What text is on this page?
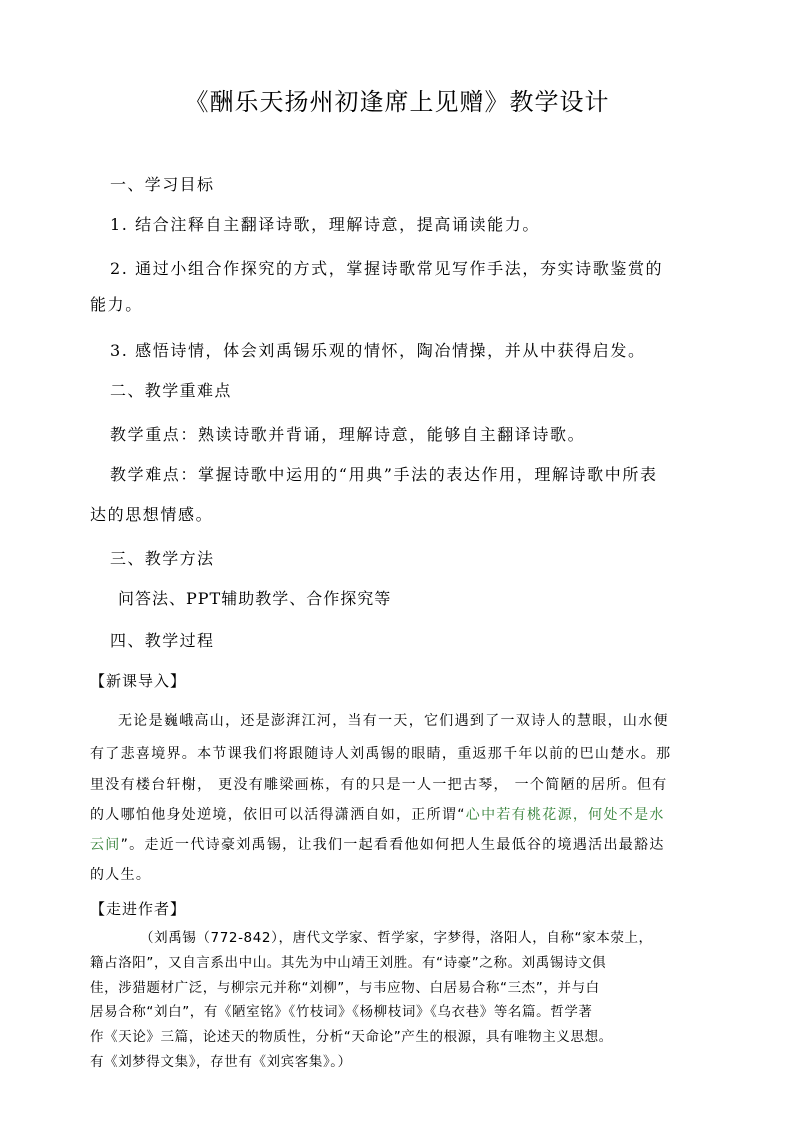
《酬乐天扬州初逢席上见赠》教学设计
一、学习目标
1. 结合注释自主翻译诗歌，理解诗意，提高诵读能力。
2. 通过小组合作探究的方式，掌握诗歌常见写作手法，夯实诗歌鉴赏的
能力。
3. 感悟诗情，体会刘禹锡乐观的情怀，陶冶情操，并从中获得启发。
二、教学重难点
教学重点：熟读诗歌并背诵，理解诗意，能够自主翻译诗歌。
教学难点：掌握诗歌中运用的“用典”手法的表达作用，理解诗歌中所表
达的思想情感。
三、教学方法
问答法、PPT辅助教学、合作探究等
四、教学过程
【新课导入】
无论是巍峨高山，还是澎湃江河，当有一天，它们遇到了一双诗人的慧眼，山水便
有了悲喜境界。本节课我们将跟随诗人刘禹锡的眼睛，重返那千年以前的巴山楚水。那
里没有楼台轩榭， 更没有雕梁画栋，有的只是一人一把古琴， 一个简陋的居所。但有
的人哪怕他身处逆境，依旧可以活得潇洒自如，正所谓“心中若有桃花源，何处不是水
云间”。走近一代诗豪刘禹锡，让我们一起看看他如何把人生最低谷的境遇活出最豁达
的人生。
【走进作者】
（刘禹锡（772-842），唐代文学家、哲学家，字梦得，洛阳人，自称“家本荥上，
籍占洛阳”，又自言系出中山。其先为中山靖王刘胜。有“诗豪”之称。刘禹锡诗文俱
佳，涉猎题材广泛，与柳宗元并称“刘柳”，与韦应物、白居易合称“三杰”，并与白
居易合称“刘白”，有《陋室铭》《竹枝词》《杨柳枝词》《乌衣巷》等名篇。哲学著
作《天论》三篇，论述天的物质性，分析“天命论”产生的根源，具有唯物主义思想。
有《刘梦得文集》，存世有《刘宾客集》。）
